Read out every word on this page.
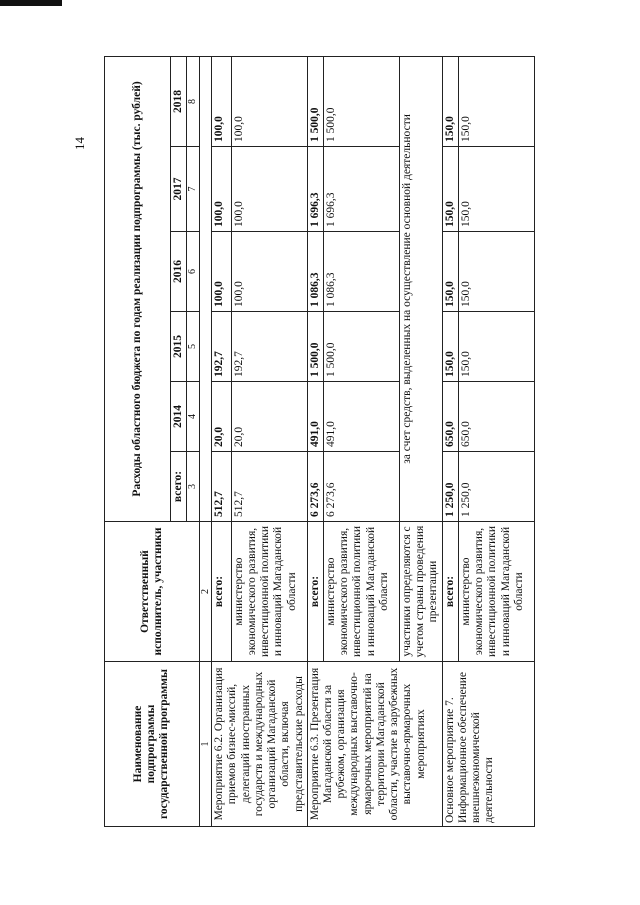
14
Наименование подпрограммы государственной программы	Ответственный исполнитель, участники	Расходы областного бюджета по годам реализации подпрограммы (тыс. рублей)					
		всего:	2014	2015	2016	2017	2018
		3	4	5	6	7	8
1	2						
Мероприятие 6.2. Организация приемов бизнес-миссий, делегаций иностранных государств и международных организаций Магаданской области, включая представительские расходы	всего:	512,7	20,0	192,7	100,0	100,0	100,0
	министерство экономического развития, инвестиционной политики и инноваций Магаданской области	512,7	20,0	192,7	100,0	100,0	100,0
Мероприятие 6.3. Презентация Магаданской области за рубежом, организация международных выставочно-ярмарочных мероприятий на территории Магаданской области, участие в зарубежных выставочно-ярмарочных мероприятиях	всего:	6 273,6	491,0	1 500,0	1 086,3	1 696,3	1 500,0
	министерство экономического развития, инвестиционной политики и инноваций Магаданской области	6 273,6	491,0	1 500,0	1 086,3	1 696,3	1 500,0
	участники определяются с учетом страны проведения презентации	за счет средств, выделенных на осуществление основной деятельности					
Основное мероприятие 7. Информационное обеспечение внешнеэкономической деятельности	всего:	1 250,0	650,0	150,0	150,0	150,0	150,0
	министерство экономического развития, инвестиционной политики и инноваций Магаданской области	1 250,0	650,0	150,0	150,0	150,0	150,0
